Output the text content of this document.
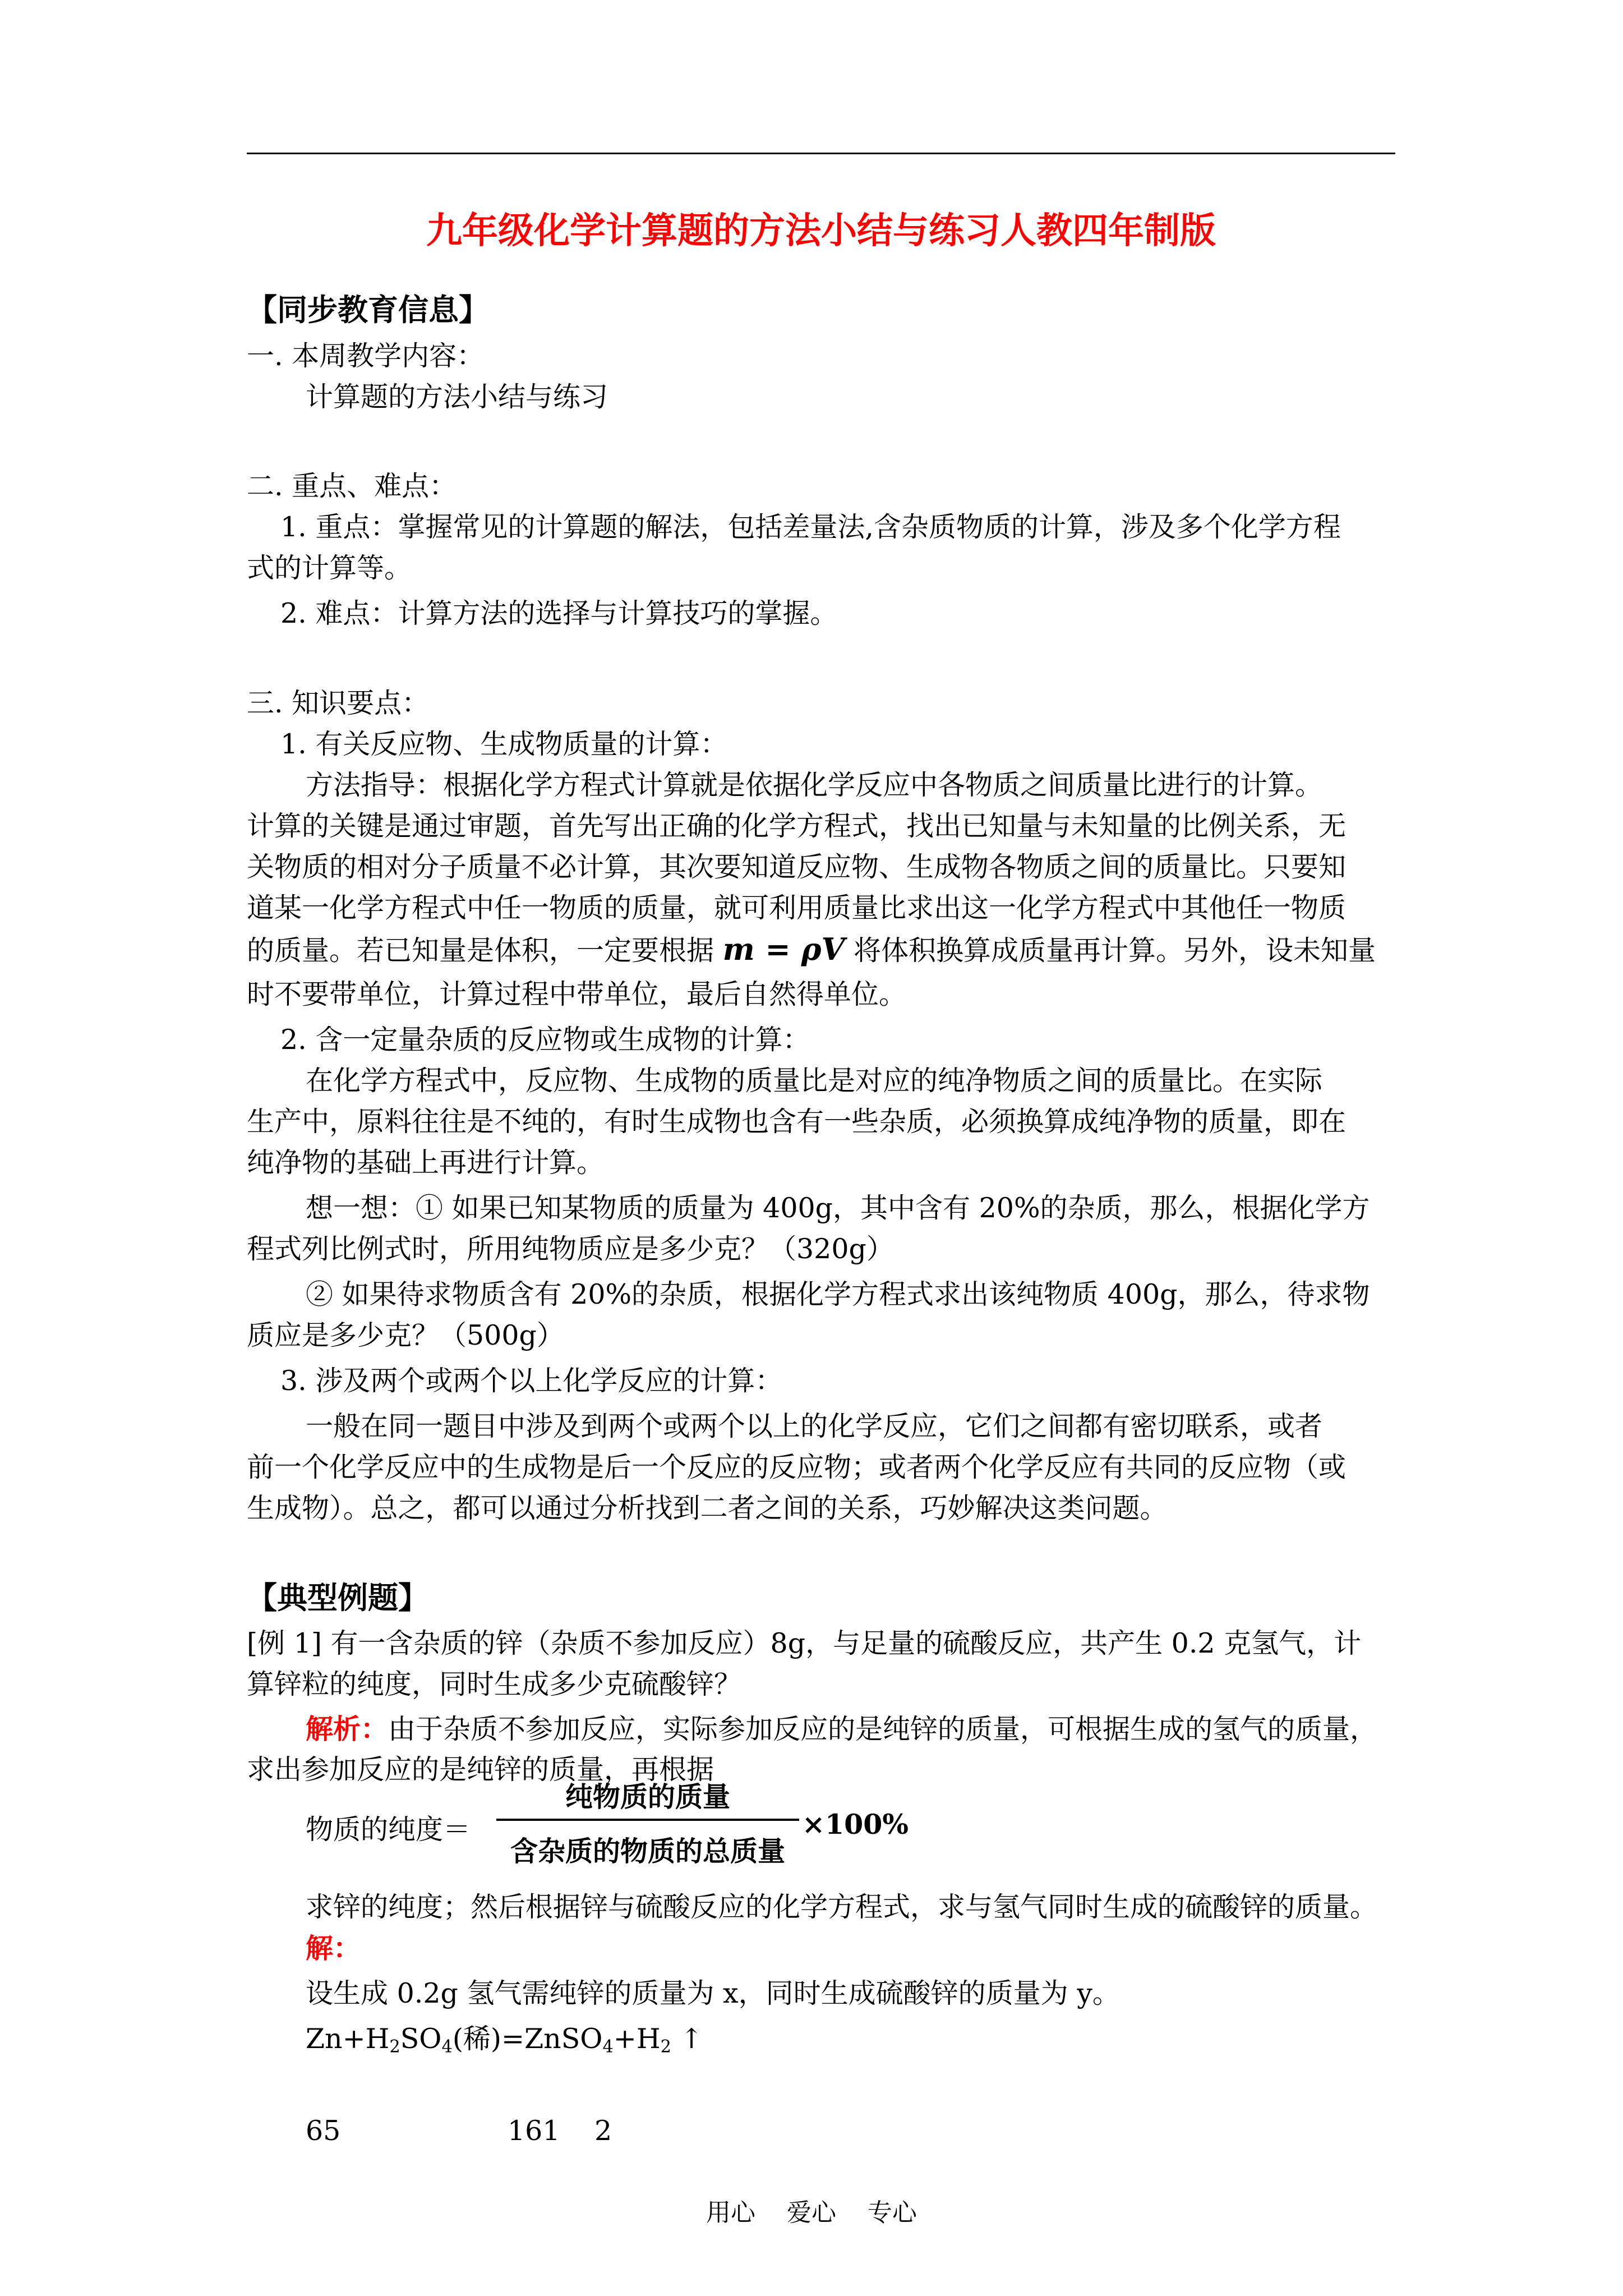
九年级化学计算题的方法小结与练习人教四年制版
【同步教育信息】
一. 本周教学内容：
计算题的方法小结与练习
二. 重点、难点：
1. 重点：掌握常见的计算题的解法，包括差量法,含杂质物质的计算，涉及多个化学方程
式的计算等。
2. 难点：计算方法的选择与计算技巧的掌握。
三. 知识要点：
1. 有关反应物、生成物质量的计算：
方法指导：根据化学方程式计算就是依据化学反应中各物质之间质量比进行的计算。
计算的关键是通过审题，首先写出正确的化学方程式，找出已知量与未知量的比例关系，无
关物质的相对分子质量不必计算，其次要知道反应物、生成物各物质之间的质量比。只要知
道某一化学方程式中任一物质的质量，就可利用质量比求出这一化学方程式中其他任一物质
的质量。若已知量是体积，一定要根据 m = ρV 将体积换算成质量再计算。另外，设未知量
时不要带单位，计算过程中带单位，最后自然得单位。
2. 含一定量杂质的反应物或生成物的计算：
在化学方程式中，反应物、生成物的质量比是对应的纯净物质之间的质量比。在实际
生产中，原料往往是不纯的，有时生成物也含有一些杂质，必须换算成纯净物的质量，即在
纯净物的基础上再进行计算。
想一想：① 如果已知某物质的质量为 400g，其中含有 20%的杂质，那么，根据化学方
程式列比例式时，所用纯物质应是多少克？（320g）
② 如果待求物质含有 20%的杂质，根据化学方程式求出该纯物质 400g，那么，待求物
质应是多少克？（500g）
3. 涉及两个或两个以上化学反应的计算：
一般在同一题目中涉及到两个或两个以上的化学反应，它们之间都有密切联系，或者
前一个化学反应中的生成物是后一个反应的反应物；或者两个化学反应有共同的反应物（或
生成物）。总之，都可以通过分析找到二者之间的关系，巧妙解决这类问题。
【典型例题】
[例 1] 有一含杂质的锌（杂质不参加反应）8g，与足量的硫酸反应，共产生 0.2 克氢气，计
算锌粒的纯度，同时生成多少克硫酸锌？
解析：由于杂质不参加反应，实际参加反应的是纯锌的质量，可根据生成的氢气的质量，
求出参加反应的是纯锌的质量，再根据
物质的纯度＝
纯物质的质量
含杂质的物质的总质量
×100%
求锌的纯度；然后根据锌与硫酸反应的化学方程式，求与氢气同时生成的硫酸锌的质量。
解：
设生成 0.2g 氢气需纯锌的质量为 x，同时生成硫酸锌的质量为 y。
$Zn+H_2SO_4$(稀)$=ZnSO_4+H_2$ ↑
65	161 2
用心    爱心    专心
